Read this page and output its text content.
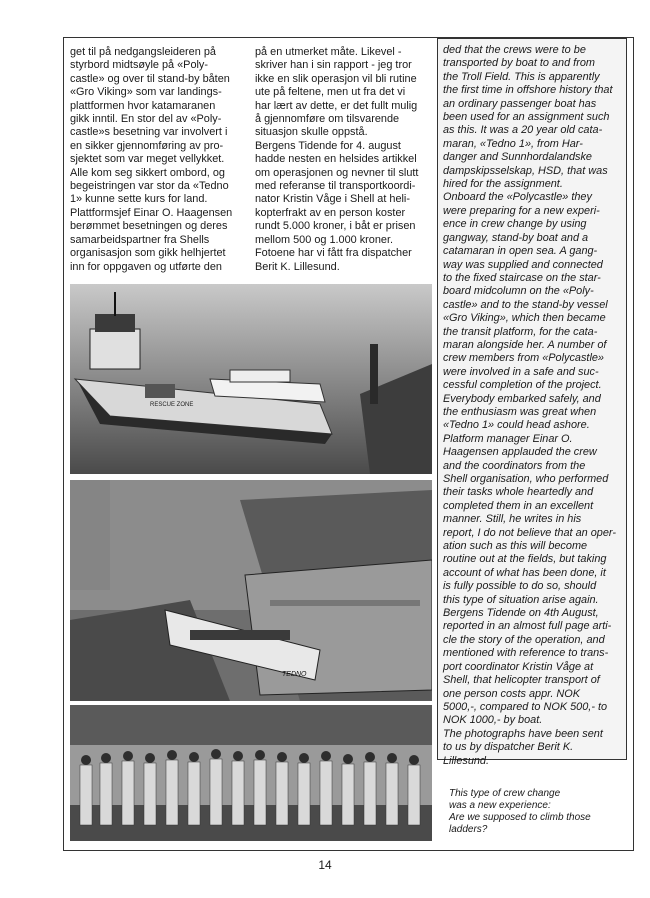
get til på nedgangsleideren på
styrbord midtsøyle på «Poly-
castle» og over til stand-by båten
«Gro Viking» som var landings-
plattformen hvor katamaranen
gikk inntil. En stor del av «Poly-
castle»s besetning var involvert i
en sikker gjennomføring av pro-
sjektet som var meget vellykket.
Alle kom seg sikkert ombord, og
begeistringen var stor da «Tedno
1» kunne sette kurs for land.
Plattformsjef Einar O. Haagensen
berømmet besetningen og deres
samarbeidspartner fra Shells
organisasjon som gikk helhjertet
inn for oppgaven og utførte den
på en utmerket måte. Likevel -
skriver han i sin rapport - jeg tror
ikke en slik operasjon vil bli rutine
ute på feltene, men ut fra det vi
har lært av dette, er det fullt mulig
å gjennomføre om tilsvarende
situasjon skulle oppstå.
Bergens Tidende for 4. august
hadde nesten en helsides artikkel
om operasjonen og nevner til slutt
med referanse til transportkoordi-
nator Kristin Våge i Shell at heli-
kopterfrakt av en person koster
rundt 5.000 kroner, i båt er prisen
mellom 500 og 1.000 kroner.
Fotoene har vi fått fra dispatcher
Berit K. Lillesund.
ded that the crews were to be
transported by boat to and from
the Troll Field. This is apparently
the first time in offshore history that
an ordinary passenger boat has
been used for an assignment such
as this. It was a 20 year old cata-
maran, «Tedno 1», from Har-
danger and Sunnhordalandske
dampskipsselskap, HSD, that was
hired for the assignment.
Onboard the «Polycastle» they
were preparing for a new experi-
ence in crew change by using
gangway, stand-by boat and a
catamaran in open sea. A gang-
way was supplied and connected
to the fixed staircase on the star-
board midcolumn on the «Poly-
castle» and to the stand-by vessel
«Gro Viking», which then became
the transit platform, for the cata-
maran alongside her. A number of
crew members from «Polycastle»
were involved in a safe and suc-
cessful completion of the project.
Everybody embarked safely, and
the enthusiasm was great when
«Tedno 1» could head ashore.
Platform manager Einar O.
Haagensen applauded the crew
and the coordinators from the
Shell organisation, who performed
their tasks whole heartedly and
completed them in an excellent
manner. Still, he writes in his
report, I do not believe that an oper-
ation such as this will become
routine out at the fields, but taking
account of what has been done, it
is fully possible to do so, should
this type of situation arise again.
Bergens Tidende on 4th August,
reported in an almost full page arti-
cle the story of the operation, and
mentioned with reference to trans-
port coordinator Kristin Våge at
Shell, that helicopter transport of
one person costs appr. NOK
5000,-, compared to NOK 500,- to
NOK 1000,- by boat.
The photographs have been sent
to us by dispatcher Berit K.
Lillesund.
RESCUE ZONE
TEDNO
This type of crew change
was a new experience:
Are we supposed to climb those
ladders?
14
